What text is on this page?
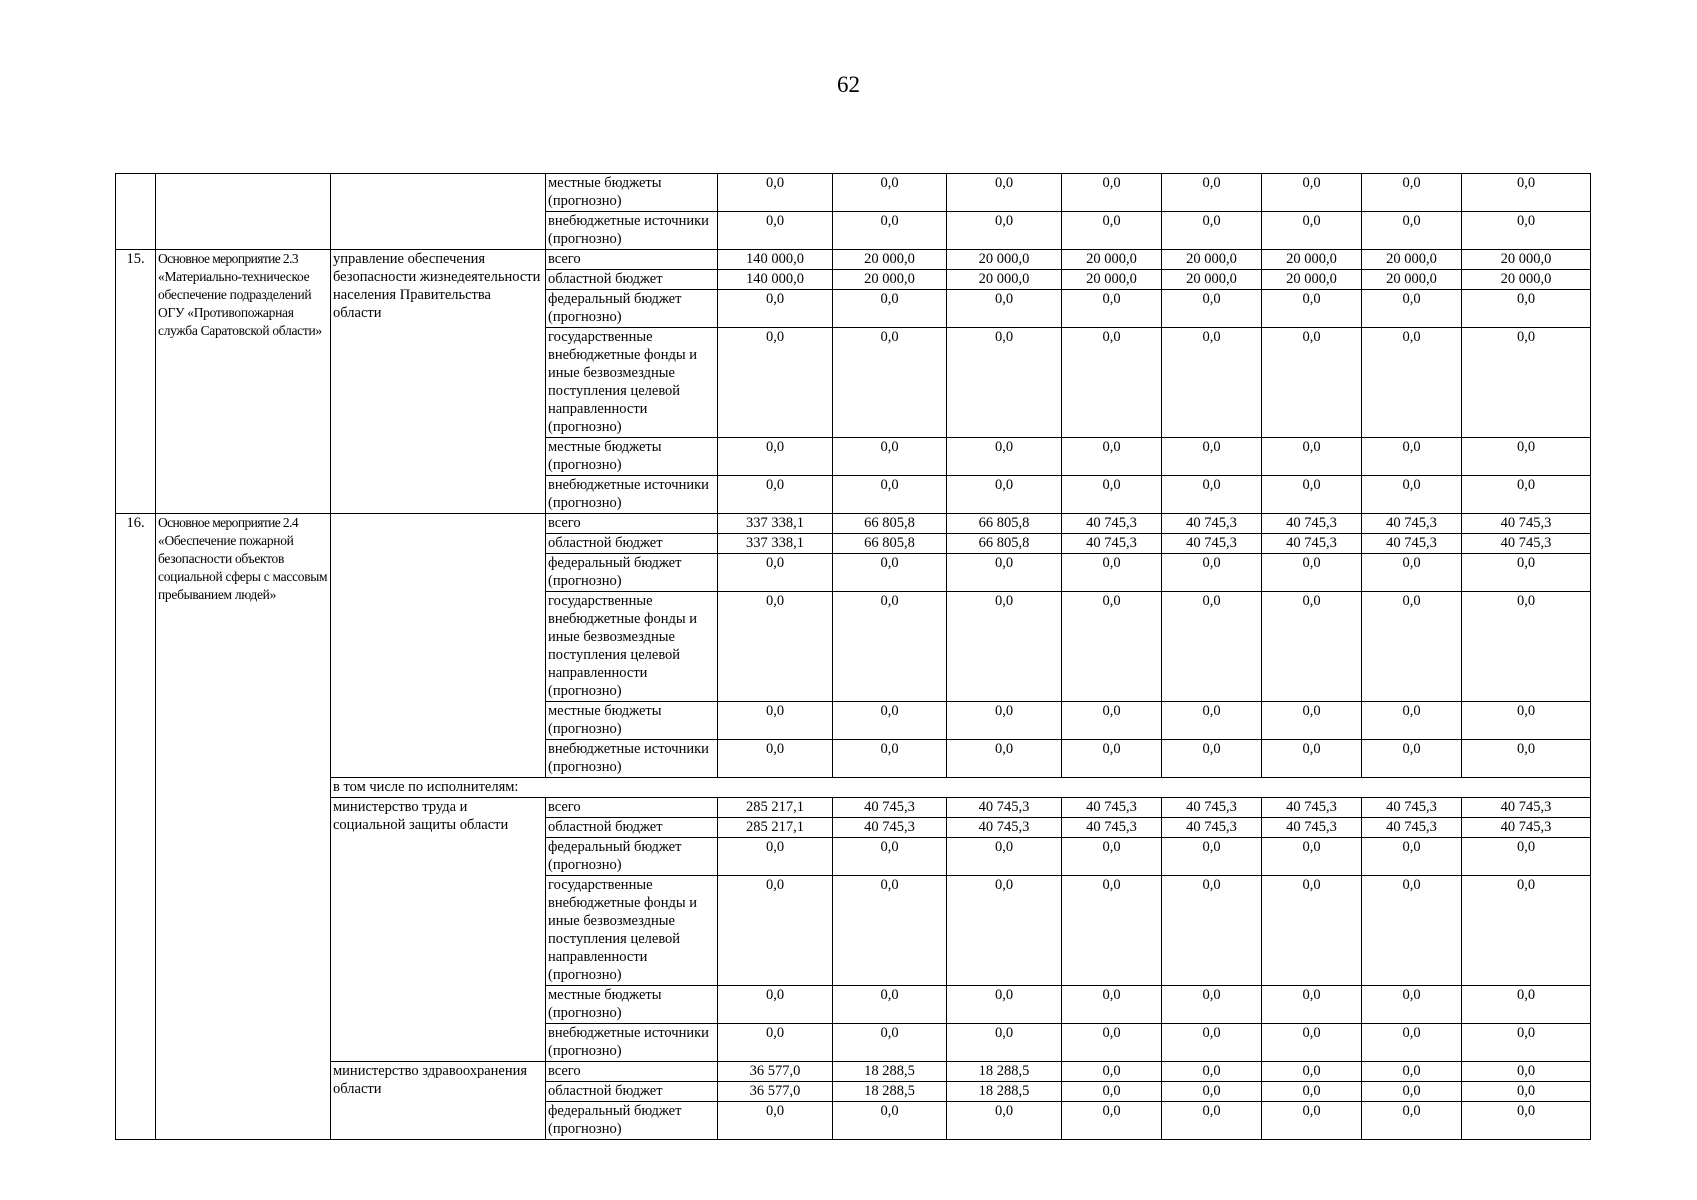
62
			местные бюджеты (прогнозно)	0,0	0,0	0,0	0,0	0,0	0,0	0,0	0,0
			внебюджетные источники (прогнозно)	0,0	0,0	0,0	0,0	0,0	0,0	0,0	0,0
15.	Основное мероприятие 2.3 «Материально-техническое обеспечение подразделений ОГУ «Противопожарная служба Саратовской области»	управление обеспечения безопасности жизнедеятельности населения Правительства области	всего	140 000,0	20 000,0	20 000,0	20 000,0	20 000,0	20 000,0	20 000,0	20 000,0
			областной бюджет	140 000,0	20 000,0	20 000,0	20 000,0	20 000,0	20 000,0	20 000,0	20 000,0
			федеральный бюджет (прогнозно)	0,0	0,0	0,0	0,0	0,0	0,0	0,0	0,0
			государственные внебюджетные фонды и иные безвозмездные поступления целевой направленности (прогнозно)	0,0	0,0	0,0	0,0	0,0	0,0	0,0	0,0
			местные бюджеты (прогнозно)	0,0	0,0	0,0	0,0	0,0	0,0	0,0	0,0
			внебюджетные источники (прогнозно)	0,0	0,0	0,0	0,0	0,0	0,0	0,0	0,0
16.	Основное мероприятие 2.4 «Обеспечение пожарной безопасности объектов социальной сферы с массовым пребыванием людей»		всего	337 338,1	66 805,8	66 805,8	40 745,3	40 745,3	40 745,3	40 745,3	40 745,3
			областной бюджет	337 338,1	66 805,8	66 805,8	40 745,3	40 745,3	40 745,3	40 745,3	40 745,3
			федеральный бюджет (прогнозно)	0,0	0,0	0,0	0,0	0,0	0,0	0,0	0,0
			государственные внебюджетные фонды и иные безвозмездные поступления целевой направленности (прогнозно)	0,0	0,0	0,0	0,0	0,0	0,0	0,0	0,0
			местные бюджеты (прогнозно)	0,0	0,0	0,0	0,0	0,0	0,0	0,0	0,0
			внебюджетные источники (прогнозно)	0,0	0,0	0,0	0,0	0,0	0,0	0,0	0,0
		в том числе по исполнителям:									
		министерство труда и социальной защиты области	всего	285 217,1	40 745,3	40 745,3	40 745,3	40 745,3	40 745,3	40 745,3	40 745,3
			областной бюджет	285 217,1	40 745,3	40 745,3	40 745,3	40 745,3	40 745,3	40 745,3	40 745,3
			федеральный бюджет (прогнозно)	0,0	0,0	0,0	0,0	0,0	0,0	0,0	0,0
			государственные внебюджетные фонды и иные безвозмездные поступления целевой направленности (прогнозно)	0,0	0,0	0,0	0,0	0,0	0,0	0,0	0,0
			местные бюджеты (прогнозно)	0,0	0,0	0,0	0,0	0,0	0,0	0,0	0,0
			внебюджетные источники (прогнозно)	0,0	0,0	0,0	0,0	0,0	0,0	0,0	0,0
		министерство здравоохранения области	всего	36 577,0	18 288,5	18 288,5	0,0	0,0	0,0	0,0	0,0
			областной бюджет	36 577,0	18 288,5	18 288,5	0,0	0,0	0,0	0,0	0,0
			федеральный бюджет (прогнозно)	0,0	0,0	0,0	0,0	0,0	0,0	0,0	0,0
